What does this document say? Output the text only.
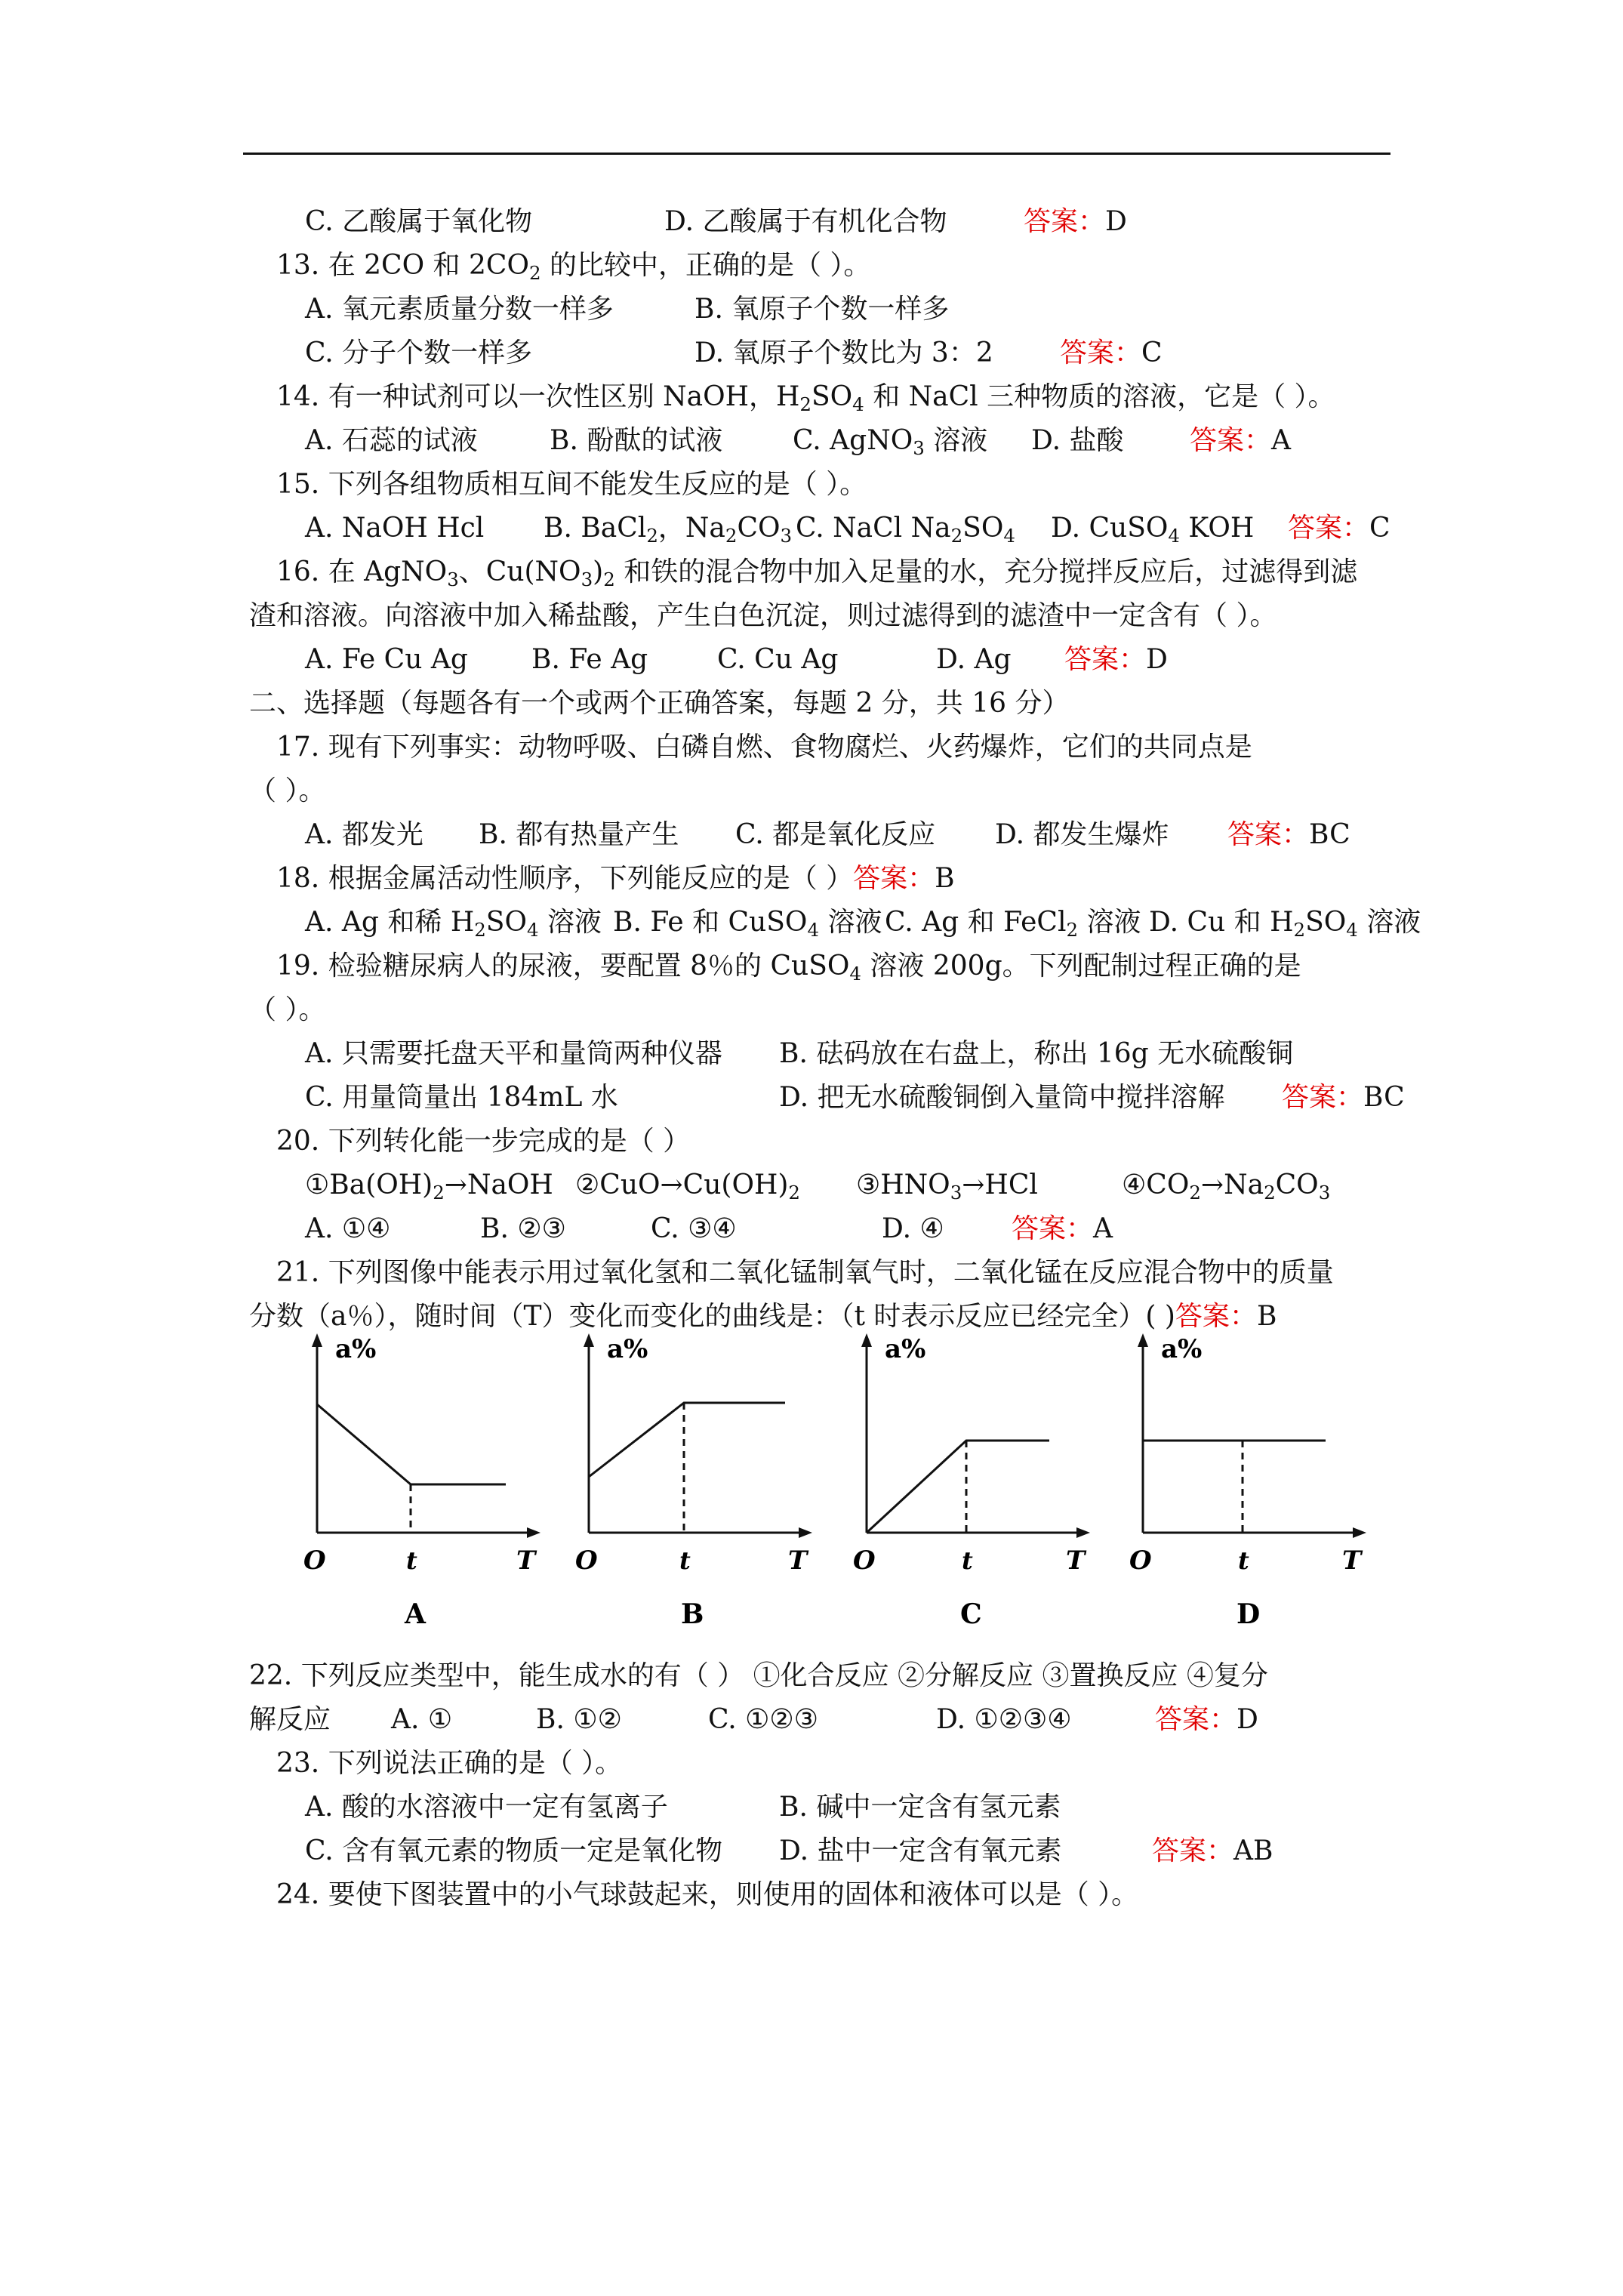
C. 乙酸属于氧化物	D. 乙酸属于有机化合物	答案：D
13. 在 2CO 和 $2CO_2$ 的比较中，正确的是（ ）。
A. 氧元素质量分数一样多	B. 氧原子个数一样多
C. 分子个数一样多	D. 氧原子个数比为 3：2 答案：C
14. 有一种试剂可以一次性区别 NaOH，$H_2SO_4$ 和 NaCl 三种物质的溶液，它是（ ）。
A. 石蕊的试液	B. 酚酞的试液	C. AgNO$_3$ 溶液 D. 盐酸 答案：A
15. 下列各组物质相互间不能发生反应的是（ ）。
A. NaOH Hcl B. BaCl$_2$，$Na_2CO_3$ C. NaCl $Na_2SO_4$ D. CuSO$_4$ KOH 答案：C
16. 在 AgNO$_3$、$Cu(NO_3)_2$ 和铁的混合物中加入足量的水，充分搅拌反应后，过滤得到滤
渣和溶液。向溶液中加入稀盐酸，产生白色沉淀，则过滤得到的滤渣中一定含有（ ）。
A. Fe Cu Ag B. Fe Ag	C. Cu Ag	D. Ag 答案：D
二、选择题（每题各有一个或两个正确答案，每题 2 分，共 16 分）
17. 现有下列事实：动物呼吸、白磷自燃、食物腐烂、火药爆炸，它们的共同点是
（ ）。
A. 都发光 B. 都有热量产生 C. 都是氧化反应 D. 都发生爆炸 答案：BC
18. 根据金属活动性顺序，下列能反应的是（ ）答案：B
A. Ag 和稀 $H_2SO_4$ 溶液 B. Fe 和 CuSO$_4$ 溶液 C. Ag 和 FeCl$_2$ 溶液 D. Cu 和 $H_2SO_4$ 溶液
19. 检验糖尿病人的尿液，要配置 8％的 CuSO$_4$ 溶液 200g。下列配制过程正确的是
（ ）。
A. 只需要托盘天平和量筒两种仪器 B. 砝码放在右盘上，称出 16g 无水硫酸铜
C. 用量筒量出 184mL 水	D. 把无水硫酸铜倒入量筒中搅拌溶解 答案：BC
20. 下列转化能一步完成的是（ ）
$①Ba(OH)_2\to NaOH$ $②CuO\to Cu(OH)_2$ $③HNO_3\to HCl$	$④CO_2\to Na_2CO_3$
A. ①④	B. ②③	C. ③④	D. ④ 答案：A
21. 下列图像中能表示用过氧化氢和二氧化锰制氧气时，二氧化锰在反应混合物中的质量
分数（a％），随时间（T）变化而变化的曲线是：（t 时表示反应已经完全）( )答案：B
a%
O	t	T
A
a%
O	t	T
B
a%
O	t	T
C
a%
O	t	T
D
22. 下列反应类型中，能生成水的有（ ） ①化合反应 ②分解反应 ③置换反应 ④复分
解反应 A. ①	B. ①②	C. ①②③	D. ①②③④	答案：D
23. 下列说法正确的是（ ）。
A. 酸的水溶液中一定有氢离子	B. 碱中一定含有氢元素
C. 含有氧元素的物质一定是氧化物 D. 盐中一定含有氧元素	答案：AB
24. 要使下图装置中的小气球鼓起来，则使用的固体和液体可以是（ ）。
